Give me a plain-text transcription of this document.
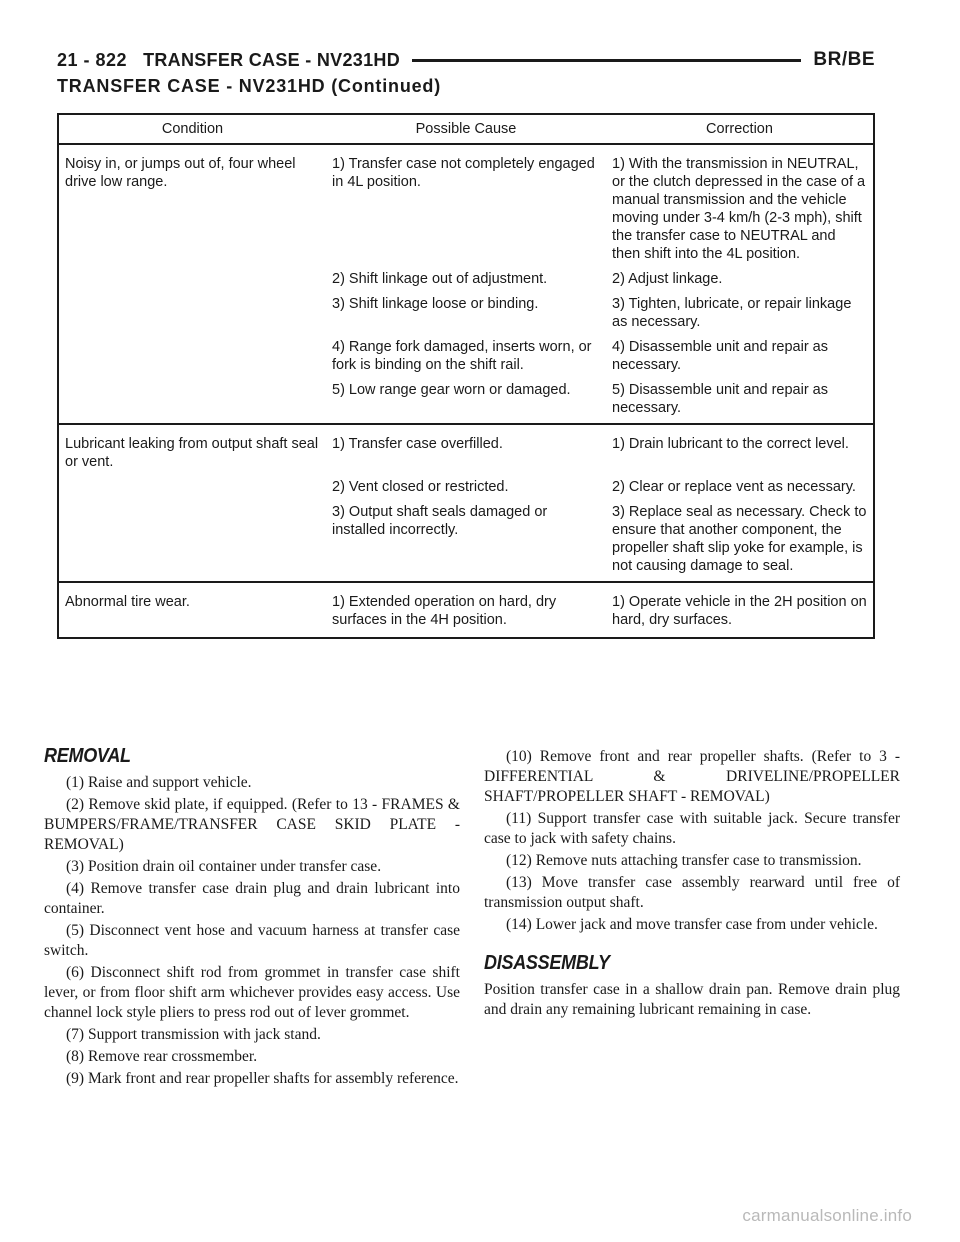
21 - 822 TRANSFER CASE - NV231HD	BR/BE
TRANSFER CASE - NV231HD (Continued)
Condition	Possible Cause	Correction
Noisy in, or jumps out of, four wheel drive low range.	1) Transfer case not completely engaged in 4L position.	1) With the transmission in NEUTRAL, or the clutch depressed in the case of a manual transmission and the vehicle moving under 3-4 km/h (2-3 mph), shift the transfer case to NEUTRAL and then shift into the 4L position.
	2) Shift linkage out of adjustment.	2) Adjust linkage.
	3) Shift linkage loose or binding.	3) Tighten, lubricate, or repair linkage as necessary.
	4) Range fork damaged, inserts worn, or fork is binding on the shift rail.	4) Disassemble unit and repair as necessary.
	5) Low range gear worn or damaged.	5) Disassemble unit and repair as necessary.
Lubricant leaking from output shaft seal or vent.	1) Transfer case overfilled.	1) Drain lubricant to the correct level.
	2) Vent closed or restricted.	2) Clear or replace vent as necessary.
	3) Output shaft seals damaged or installed incorrectly.	3) Replace seal as necessary. Check to ensure that another component, the propeller shaft slip yoke for example, is not causing damage to seal.
Abnormal tire wear.	1) Extended operation on hard, dry surfaces in the 4H position.	1) Operate vehicle in the 2H position on hard, dry surfaces.
REMOVAL

(1) Raise and support vehicle.

(2) Remove skid plate, if equipped. (Refer to 13 - FRAMES & BUMPERS/FRAME/TRANSFER CASE SKID PLATE - REMOVAL)

(3) Position drain oil container under transfer case.

(4) Remove transfer case drain plug and drain lubricant into container.

(5) Disconnect vent hose and vacuum harness at transfer case switch.

(6) Disconnect shift rod from grommet in transfer case shift lever, or from floor shift arm whichever provides easy access. Use channel lock style pliers to press rod out of lever grommet.

(7) Support transmission with jack stand.

(8) Remove rear crossmember.

(9) Mark front and rear propeller shafts for assembly reference.

(10) Remove front and rear propeller shafts. (Refer to 3 - DIFFERENTIAL & DRIVELINE/PROPELLER SHAFT/PROPELLER SHAFT - REMOVAL)

(11) Support transfer case with suitable jack. Secure transfer case to jack with safety chains.

(12) Remove nuts attaching transfer case to transmission.

(13) Move transfer case assembly rearward until free of transmission output shaft.

(14) Lower jack and move transfer case from under vehicle.

DISASSEMBLY

Position transfer case in a shallow drain pan. Remove drain plug and drain any remaining lubricant remaining in case.

carmanualsonline.info
